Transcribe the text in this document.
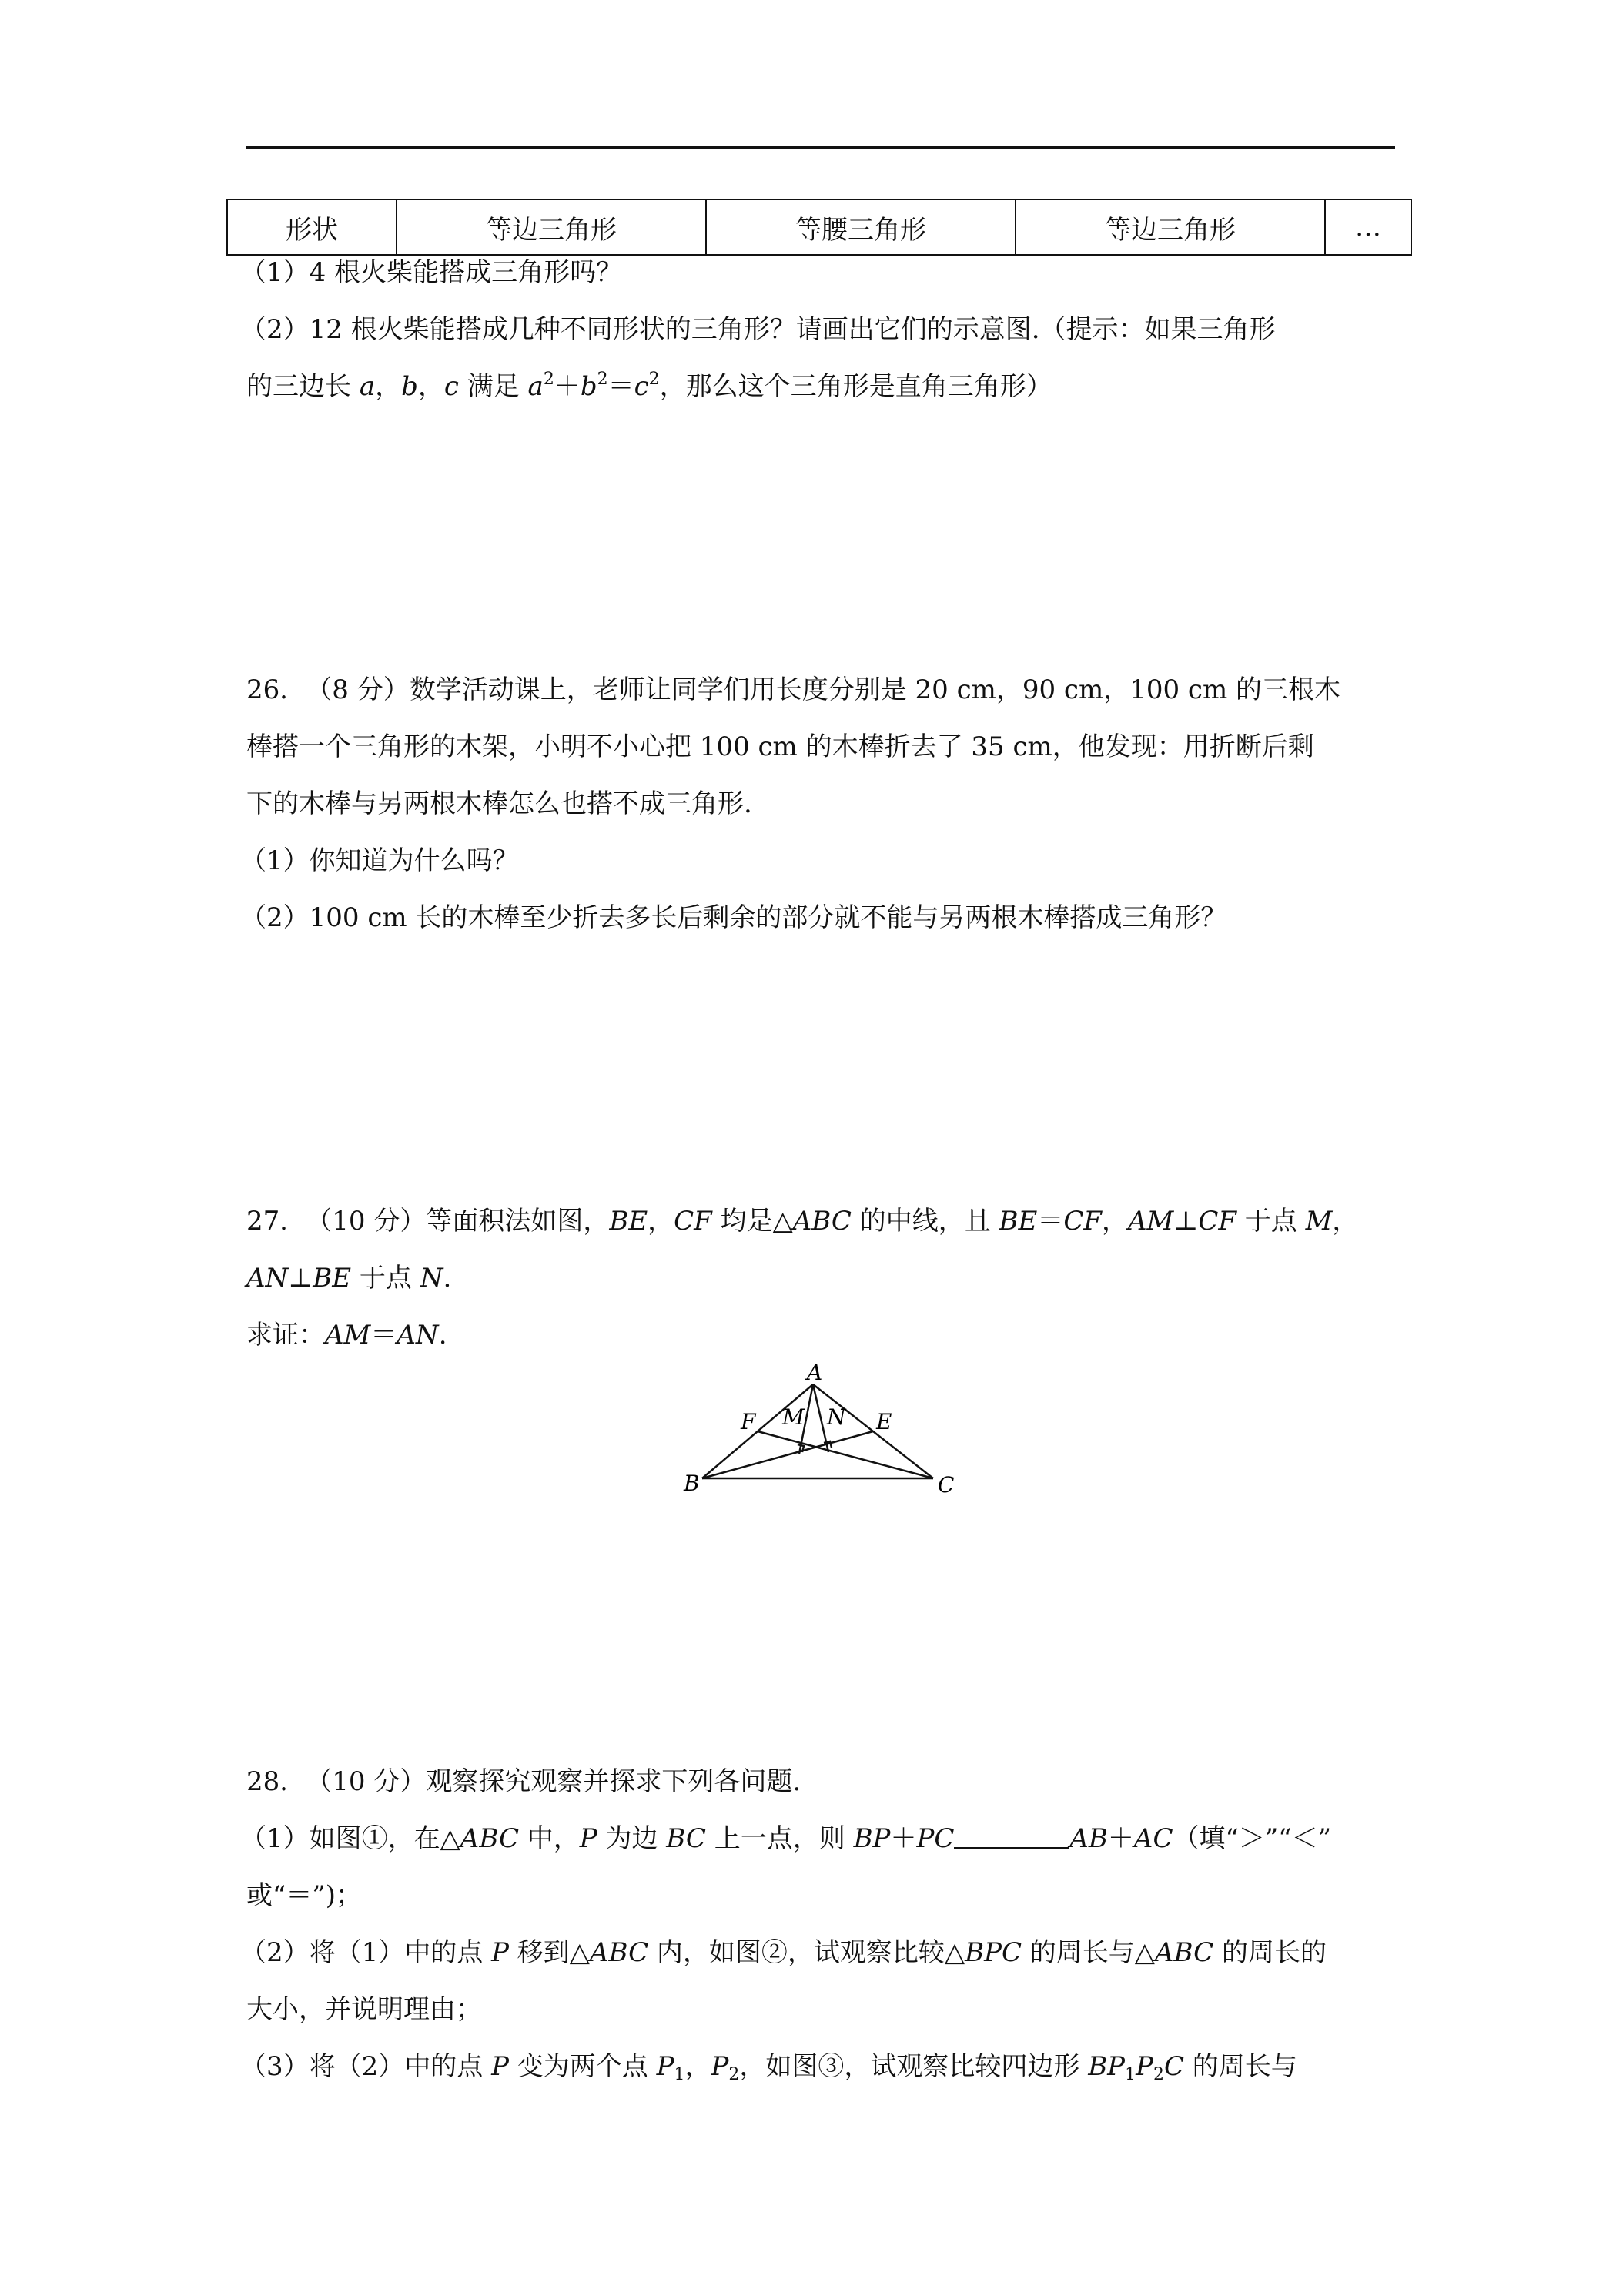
形状	等边三角形	等腰三角形	等边三角形	…
（1）4 根火柴能搭成三角形吗？
（2）12 根火柴能搭成几种不同形状的三角形？请画出它们的示意图.（提示：如果三角形
的三边长 a，b，c 满足 $a^2+b^2=c^2$，那么这个三角形是直角三角形）
26．　（8 分）数学活动课上，老师让同学们用长度分别是 20 cm，90 cm，100 cm 的三根木
棒搭一个三角形的木架，小明不小心把 100 cm 的木棒折去了 35 cm，他发现：用折断后剩
下的木棒与另两根木棒怎么也搭不成三角形.
（1）你知道为什么吗？
（2）100 cm 长的木棒至少折去多长后剩余的部分就不能与另两根木棒搭成三角形？
27．　（10 分）等面积法如图，BE，CF 均是△ABC 的中线，且 BE＝CF，AM⊥CF 于点 M，
AN⊥BE 于点 N.
求证：AM＝AN.
A
B	C
E
F M N
28．　（10 分）观察探究观察并探求下列各问题.
（1）如图①，在△ABC 中，P 为边 BC 上一点，则 BP＋PC	AB＋AC（填“＞”“＜”
或“＝”)；
（2）将（1）中的点 P 移到△ABC 内，如图②，试观察比较△BPC 的周长与△ABC 的周长的
大小，并说明理由；
（3）将（2）中的点 P 变为两个点 $P_1$，$P_2$，如图③，试观察比较四边形 $BP_1P_2C$ 的周长与
